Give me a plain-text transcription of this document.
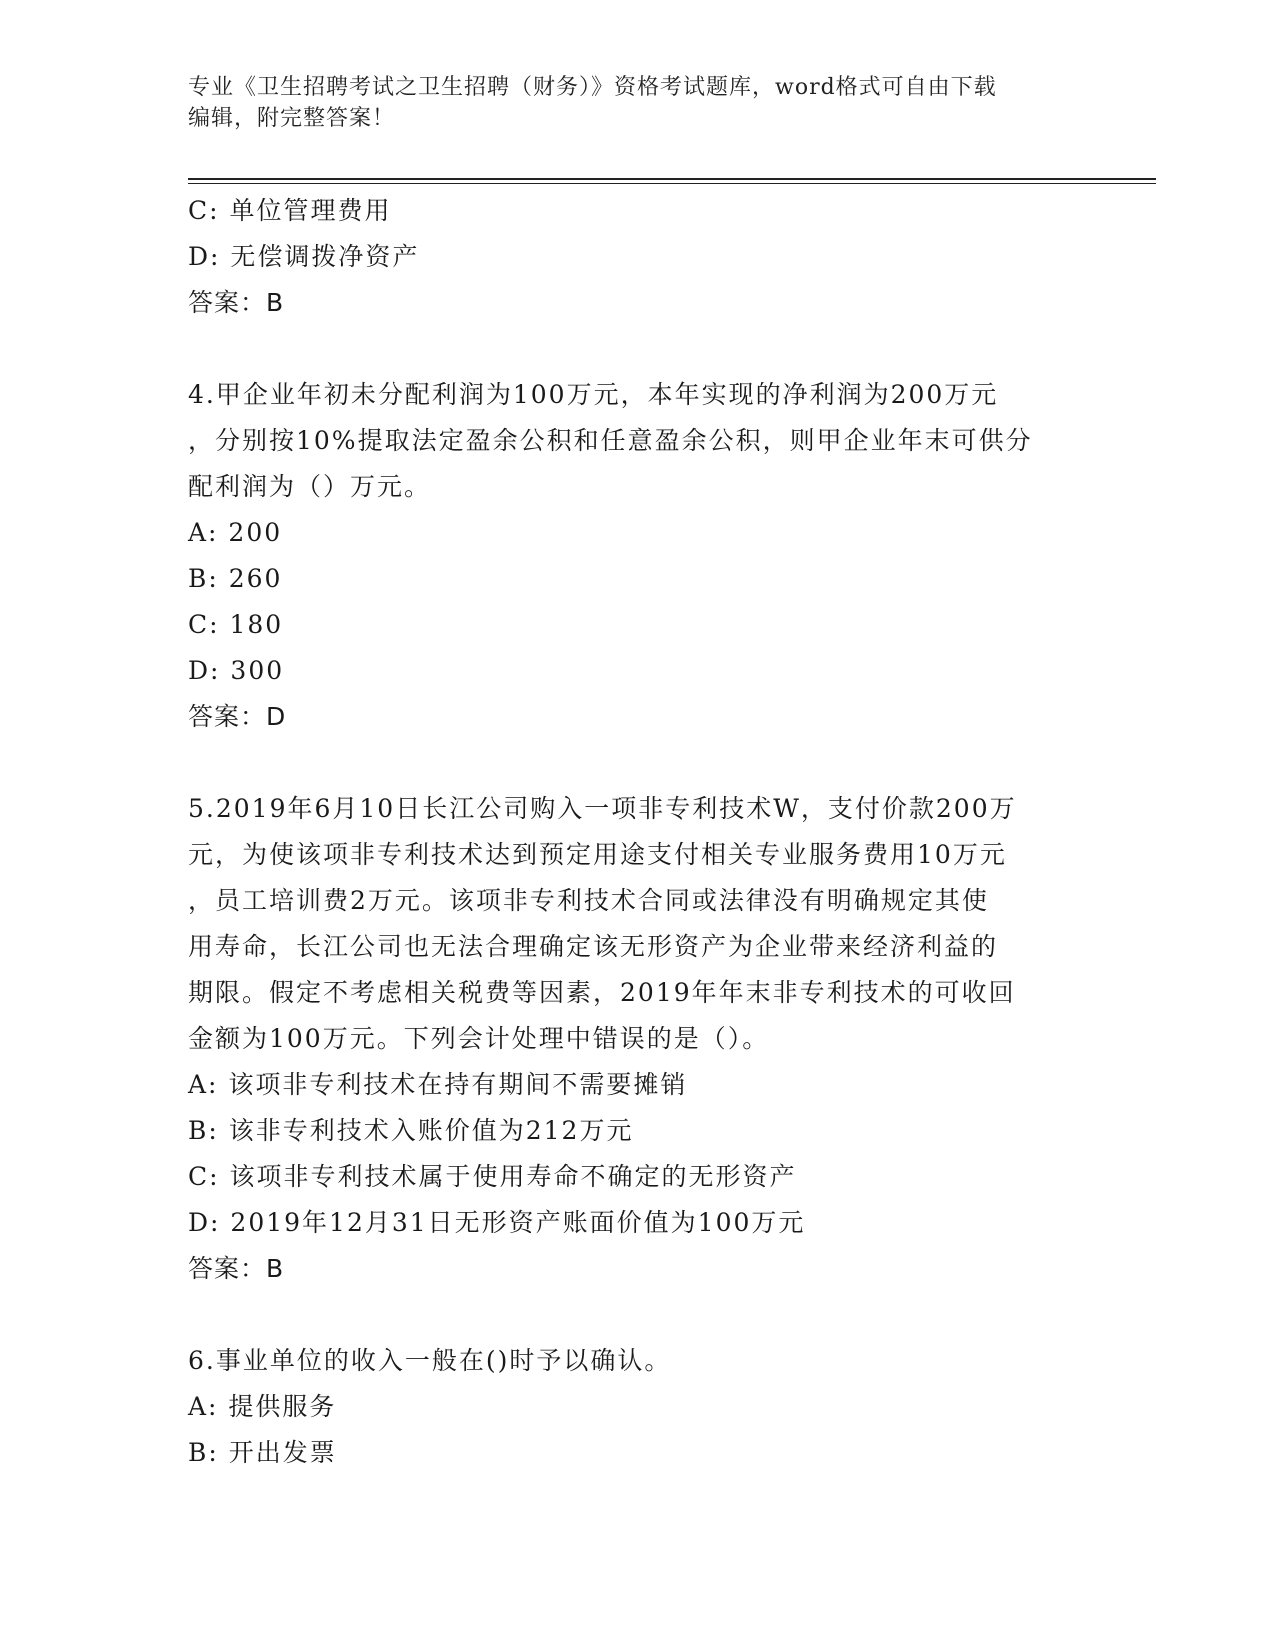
专业《卫生招聘考试之卫生招聘（财务）》资格考试题库，word格式可自由下载
编辑，附完整答案！
C: 单位管理费用
D: 无偿调拨净资产
答案：B
4.甲企业年初未分配利润为100万元，本年实现的净利润为200万元
，分别按10%提取法定盈余公积和任意盈余公积，则甲企业年末可供分
配利润为（）万元。
A: 200
B: 260
C: 180
D: 300
答案：D
5.2019年6月10日长江公司购入一项非专利技术W，支付价款200万
元，为使该项非专利技术达到预定用途支付相关专业服务费用10万元
，员工培训费2万元。该项非专利技术合同或法律没有明确规定其使
用寿命，长江公司也无法合理确定该无形资产为企业带来经济利益的
期限。假定不考虑相关税费等因素，2019年年末非专利技术的可收回
金额为100万元。下列会计处理中错误的是（）。
A: 该项非专利技术在持有期间不需要摊销
B: 该非专利技术入账价值为212万元
C: 该项非专利技术属于使用寿命不确定的无形资产
D: 2019年12月31日无形资产账面价值为100万元
答案：B
6.事业单位的收入一般在()时予以确认。
A: 提供服务
B: 开出发票
